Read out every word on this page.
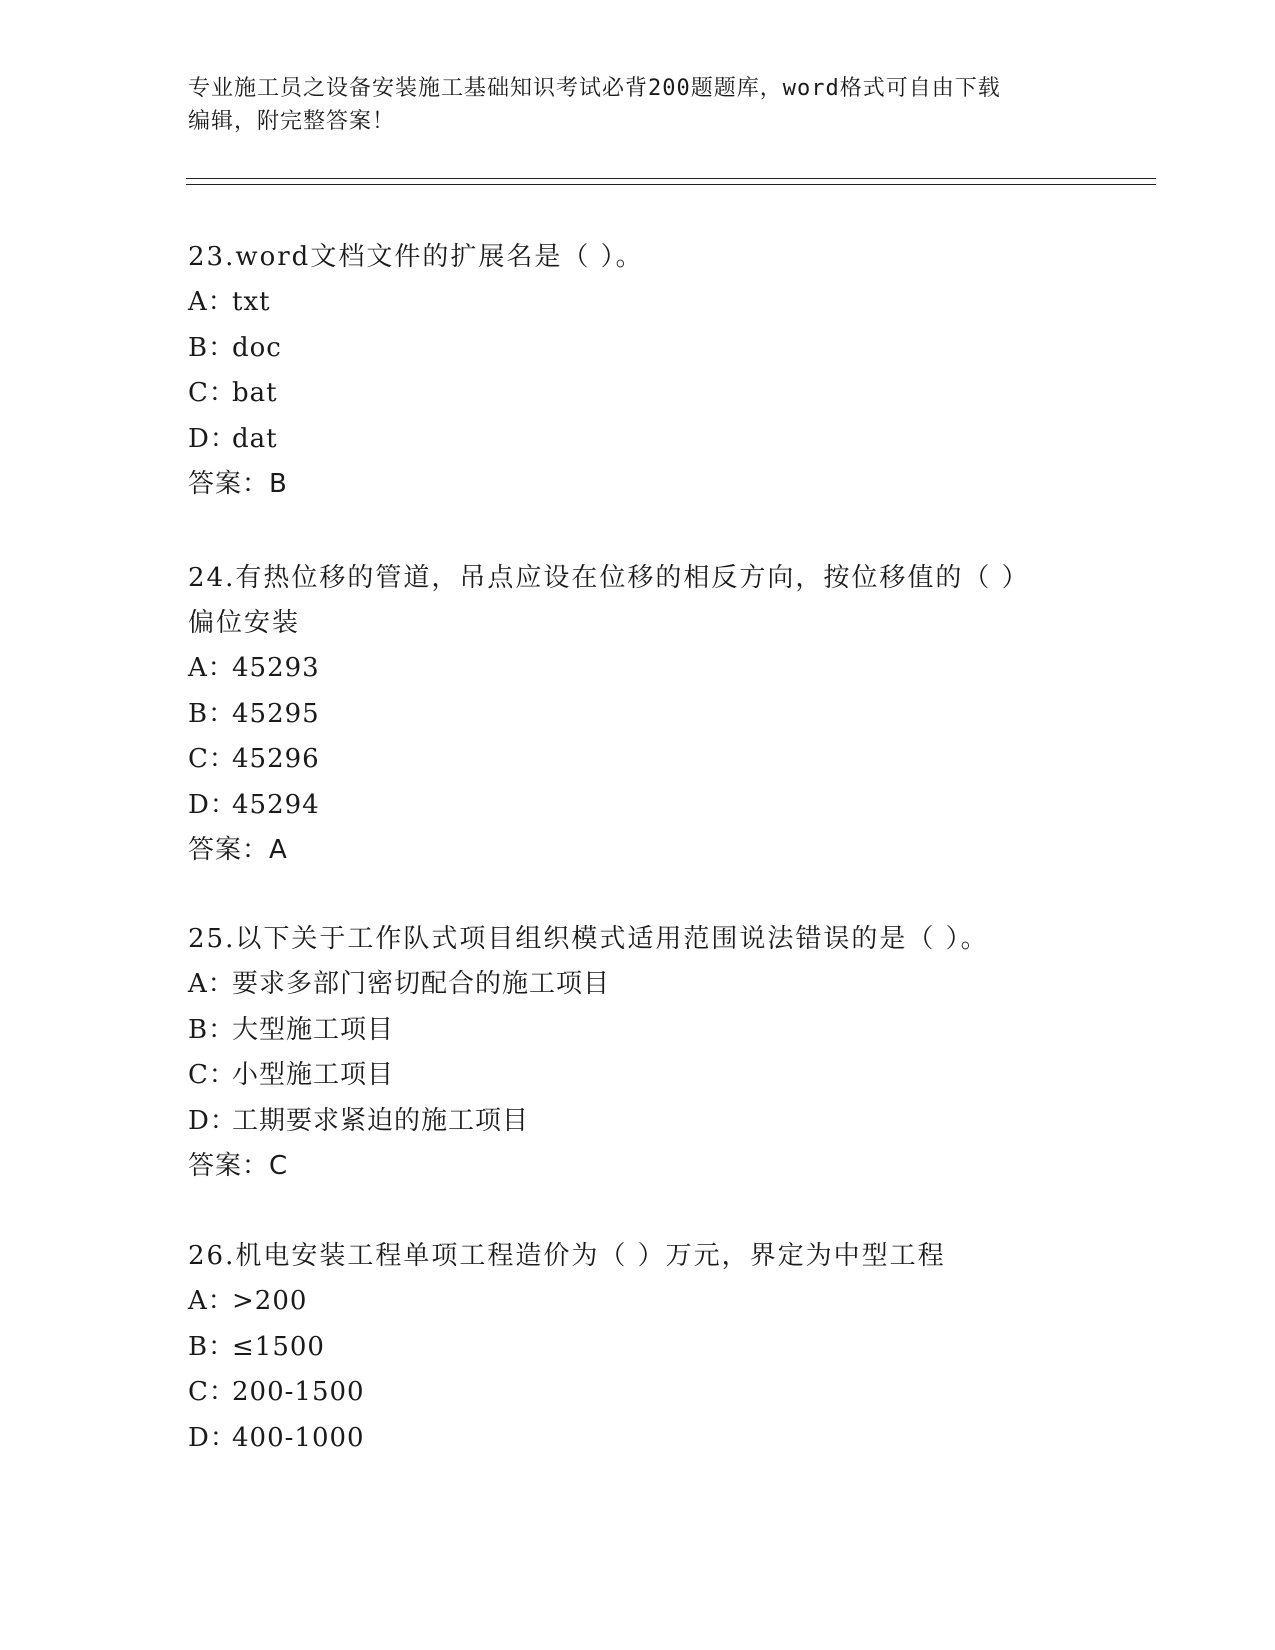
专业施工员之设备安装施工基础知识考试必背200题题库，word格式可自由下载
编辑，附完整答案！
23.word文档文件的扩展名是（ ）。
A：txt
B：doc
C：bat
D：dat
答案：B
24.有热位移的管道，吊点应设在位移的相反方向，按位移值的（ ）偏位安装
A：45293
B：45295
C：45296
D：45294
答案：A
25.以下关于工作队式项目组织模式适用范围说法错误的是（ ）。
A：要求多部门密切配合的施工项目
B：大型施工项目
C：小型施工项目
D：工期要求紧迫的施工项目
答案：C
26.机电安装工程单项工程造价为（ ）万元，界定为中型工程
A：>200
B：≤1500
C：200-1500
D：400-1000
